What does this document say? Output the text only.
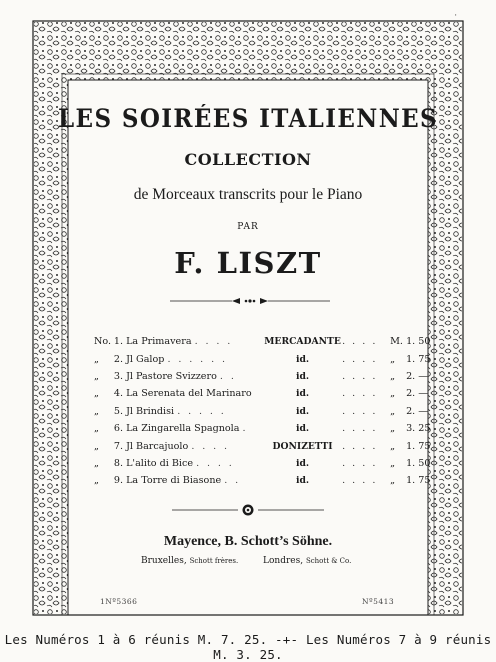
'
LES SOIRÉES ITALIENNES
COLLECTION
de Morceaux transcrits pour le Piano
PAR
F. LISZT
No.	1.	La Primavera . . . .	MERCADANTE	. . . .	M.	1. 50
„	2.	Jl Galop . . . . . .	id.	. . . .	„	1. 75
„	3.	Jl Pastore Svizzero . .	id.	. . . .	„	2. —
„	4.	La Serenata del Marinaro	id.	. . . .	„	2. —
„	5.	Jl Brindisi . . . . .	id.	. . . .	„	2. —
„	6.	La Zingarella Spagnola .	id.	. . . .	„	3. 25
„	7.	Jl Barcajuolo . . . .	DONIZETTI	. . . .	„	1. 75
„	8.	L'alito di Bice . . . .	id.	. . . .	„	1. 50
„	9.	La Torre di Biasone . .	id.	. . . .	„	1. 75
Mayence, B. Schott’s Söhne.
Bruxelles, Schott frères.	Londres, Schott & Co.
1Nº5366	Nº5413
Les Numéros 1 à 6 réunis M. 7. 25. -+- Les Numéros 7 à 9 réunis M. 3. 25.
